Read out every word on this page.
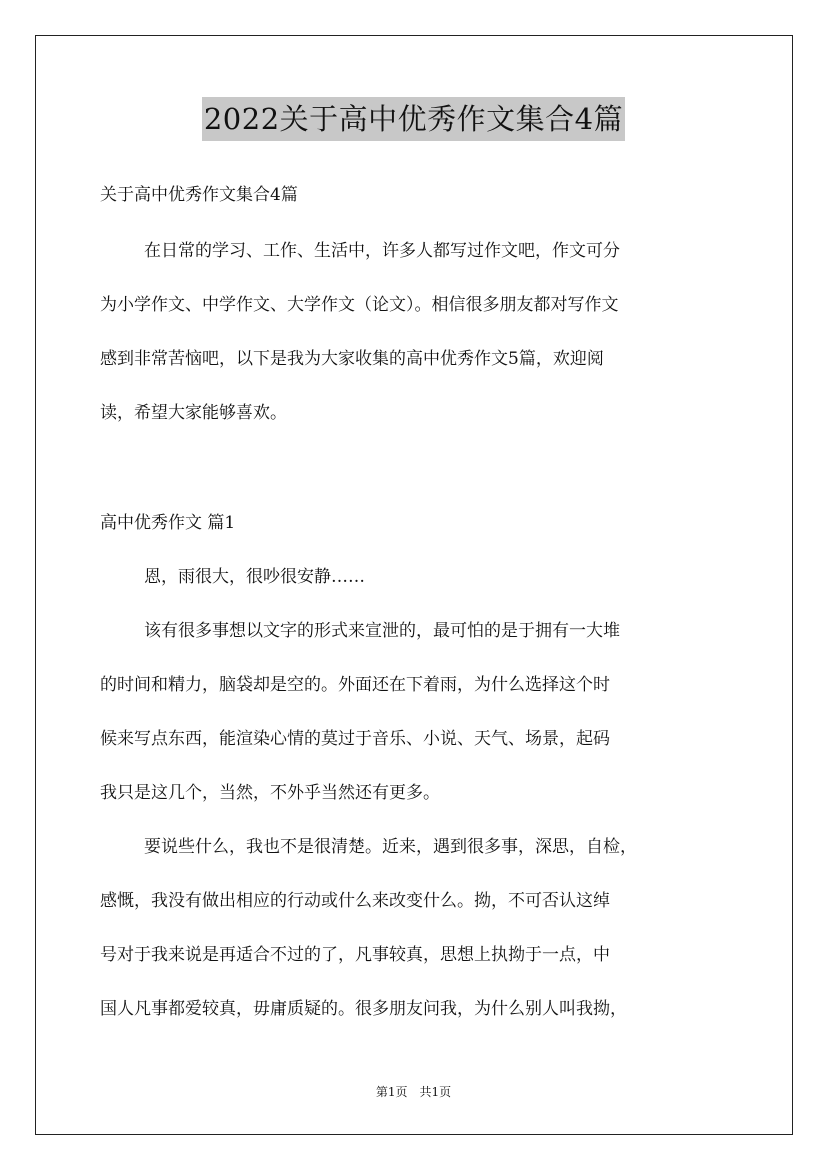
2022关于高中优秀作文集合4篇
关于高中优秀作文集合4篇
在日常的学习、工作、生活中，许多人都写过作文吧，作文可分
为小学作文、中学作文、大学作文（论文）。相信很多朋友都对写作文
感到非常苦恼吧，以下是我为大家收集的高中优秀作文5篇，欢迎阅
读，希望大家能够喜欢。
高中优秀作文 篇1
恩，雨很大，很吵很安静……
该有很多事想以文字的形式来宣泄的，最可怕的是于拥有一大堆
的时间和精力，脑袋却是空的。外面还在下着雨，为什么选择这个时
候来写点东西，能渲染心情的莫过于音乐、小说、天气、场景，起码
我只是这几个，当然，不外乎当然还有更多。
要说些什么，我也不是很清楚。近来，遇到很多事，深思，自检，
感慨，我没有做出相应的行动或什么来改变什么。拗，不可否认这绰
号对于我来说是再适合不过的了，凡事较真，思想上执拗于一点，中
国人凡事都爱较真，毋庸质疑的。很多朋友问我，为什么别人叫我拗，
第1页　共1页
